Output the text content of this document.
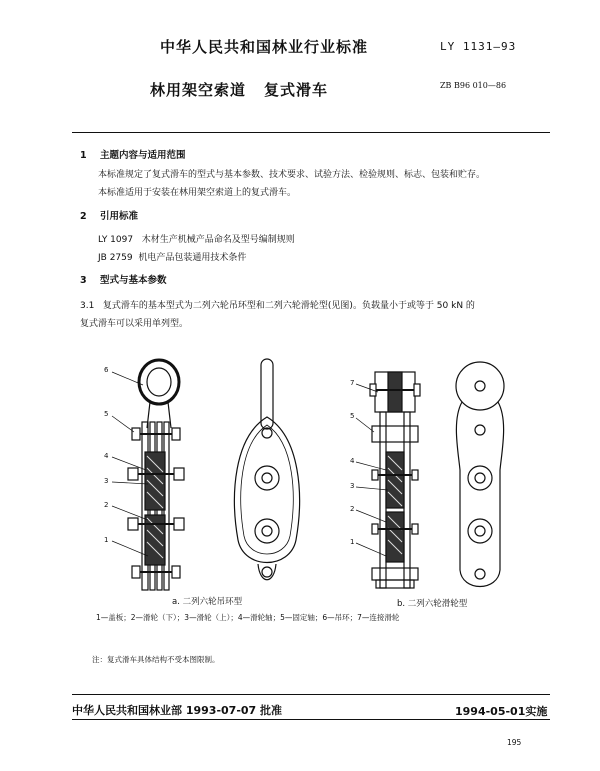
中华人民共和国林业行业标准	LY 1131—93
林用架空索道 复式滑车	ZB B96 010—86
1 主题内容与适用范围
本标准规定了复式滑车的型式与基本参数、技术要求、试验方法、检验规则、标志、包装和贮存。
本标准适用于安装在林用架空索道上的复式滑车。
2 引用标准
LY 1097 木材生产机械产品命名及型号编制规则
JB 2759 机电产品包装通用技术条件
3 型式与基本参数
3.1 复式滑车的基本型式为二列六轮吊环型和二列六轮滑轮型(见图)。负载量小于或等于 50 kN 的
复式滑车可以采用单列型。
6
5
4
3
2
1
7
5
4
3
2
1
a. 二列六轮吊环型	b. 二列六轮滑轮型
1—盖板；2—滑轮（下）；3—滑轮（上）；4—滑轮轴；5—固定轴；6—吊环；7—连接滑轮
注：复式滑车具体结构不受本图限制。
中华人民共和国林业部 1993-07-07 批准	1994-05-01实施
195
